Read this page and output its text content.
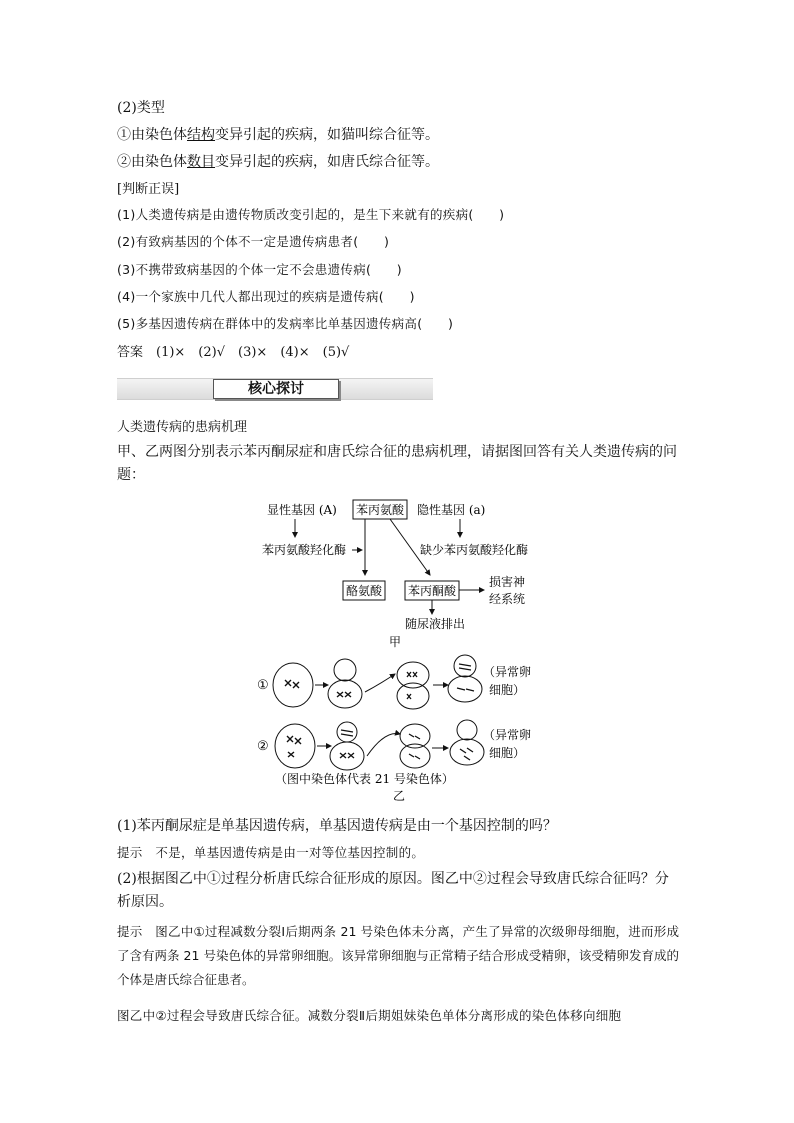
(2)类型
①由染色体结构变异引起的疾病，如猫叫综合征等。
②由染色体数目变异引起的疾病，如唐氏综合征等。
[判断正误]
(1)人类遗传病是由遗传物质改变引起的，是生下来就有的疾病(　　)
(2)有致病基因的个体不一定是遗传病患者(　　)
(3)不携带致病基因的个体一定不会患遗传病(　　)
(4)一个家族中几代人都出现过的疾病是遗传病(　　)
(5)多基因遗传病在群体中的发病率比单基因遗传病高(　　)
答案　(1)×　(2)√　(3)×　(4)×　(5)√
核心探讨
人类遗传病的患病机理
甲、乙两图分别表示苯丙酮尿症和唐氏综合征的患病机理，请据图回答有关人类遗传病的问题：
显性基因 (A) 苯丙氨酸 隐性基因 (a)
苯丙氨酸羟化酶	缺少苯丙氨酸羟化酶
酪氨酸 苯丙酮酸
损害神
经系统
随尿液排出
甲
①
（异常卵
细胞）
②
（ 异常卵
细胞）
（图中染色体代表 21 号染色体）
乙
(1)苯丙酮尿症是单基因遗传病，单基因遗传病是由一个基因控制的吗？
提示　不是，单基因遗传病是由一对等位基因控制的。
(2)根据图乙中①过程分析唐氏综合征形成的原因。图乙中②过程会导致唐氏综合征吗？分析原因。
提示　图乙中①过程减数分裂Ⅰ后期两条 21 号染色体未分离，产生了异常的次级卵母细胞，进而形成了含有两条 21 号染色体的异常卵细胞。该异常卵细胞与正常精子结合形成受精卵，该受精卵发育成的个体是唐氏综合征患者。
图乙中②过程会导致唐氏综合征。减数分裂Ⅱ后期姐妹染色单体分离形成的染色体移向细胞
